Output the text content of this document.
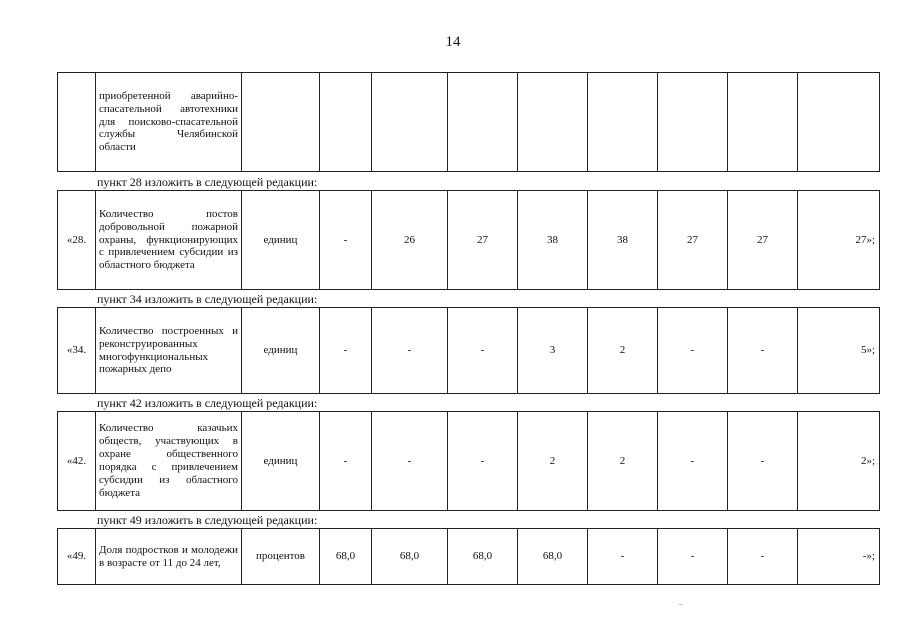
14
	приобретенной аварийно-спасательной автотехники для поисково-спасательной службы Челябинской области									
пункт 28 изложить в следующей редакции:
«28.	Количество постов добровольной пожарной охраны, функционирующих с привлечением субсидии из областного бюджета	единиц	-	26	27	38	38	27	27	27»;
пункт 34 изложить в следующей редакции:
«34.	Количество построенных и реконструированных многофункциональных пожарных депо	единиц	-	-	-	3	2	-	-	5»;
пункт 42 изложить в следующей редакции:
«42.	Количество казачьих обществ, участвующих в охране общественного порядка с привлечением субсидии из областного бюджета	единиц	-	-	-	2	2	-	-	2»;
пункт 49 изложить в следующей редакции:
«49.	Доля подростков и молодежи в возрасте от 11 до 24 лет,	процентов	68,0	68,0	68,0	68,0	-	-	-	-»;
